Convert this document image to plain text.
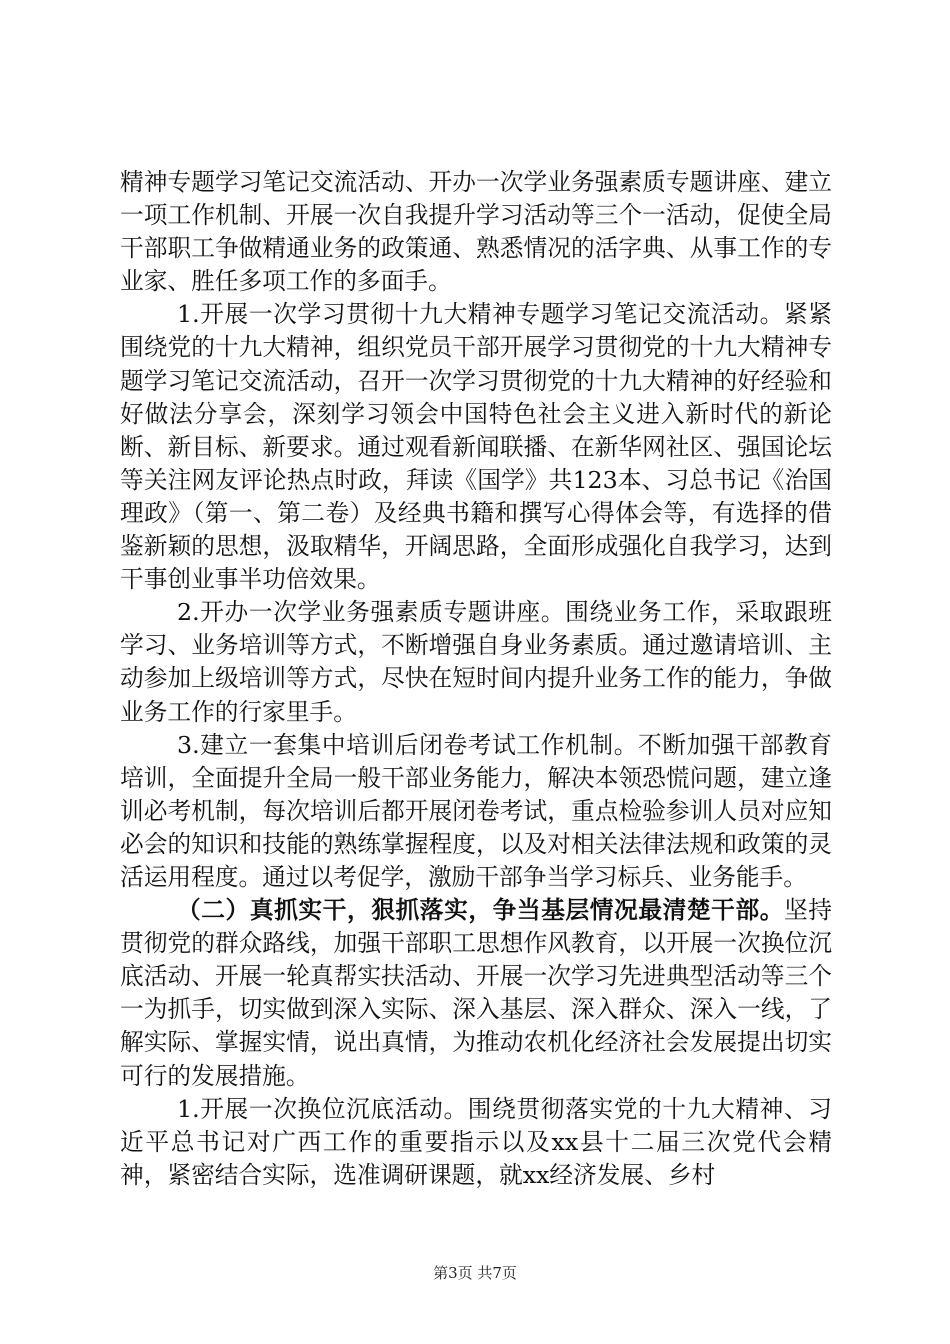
精神专题学习笔记交流活动、开办一次学业务强素质专题讲座、建立一项工作机制、开展一次自我提升学习活动等三个一活动，促使全局干部职工争做精通业务的政策通、熟悉情况的活字典、从事工作的专业家、胜任多项工作的多面手。

1.开展一次学习贯彻十九大精神专题学习笔记交流活动。紧紧围绕党的十九大精神，组织党员干部开展学习贯彻党的十九大精神专题学习笔记交流活动，召开一次学习贯彻党的十九大精神的好经验和好做法分享会，深刻学习领会中国特色社会主义进入新时代的新论断、新目标、新要求。通过观看新闻联播、在新华网社区、强国论坛等关注网友评论热点时政，拜读《国学》共123本、习总书记《治国理政》（第一、第二卷）及经典书籍和撰写心得体会等，有选择的借鉴新颖的思想，汲取精华，开阔思路，全面形成强化自我学习，达到干事创业事半功倍效果。

2.开办一次学业务强素质专题讲座。围绕业务工作，采取跟班学习、业务培训等方式，不断增强自身业务素质。通过邀请培训、主动参加上级培训等方式，尽快在短时间内提升业务工作的能力，争做业务工作的行家里手。

3.建立一套集中培训后闭卷考试工作机制。不断加强干部教育培训，全面提升全局一般干部业务能力，解决本领恐慌问题，建立逢训必考机制，每次培训后都开展闭卷考试，重点检验参训人员对应知必会的知识和技能的熟练掌握程度，以及对相关法律法规和政策的灵活运用程度。通过以考促学，激励干部争当学习标兵、业务能手。

（二）真抓实干，狠抓落实，争当基层情况最清楚干部。坚持贯彻党的群众路线，加强干部职工思想作风教育，以开展一次换位沉底活动、开展一轮真帮实扶活动、开展一次学习先进典型活动等三个一为抓手，切实做到深入实际、深入基层、深入群众、深入一线，了解实际、掌握实情，说出真情，为推动农机化经济社会发展提出切实可行的发展措施。

1.开展一次换位沉底活动。围绕贯彻落实党的十九大精神、习近平总书记对广西工作的重要指示以及xx县十二届三次党代会精神，紧密结合实际，选准调研课题，就xx经济发展、乡村

第3页 共7页
